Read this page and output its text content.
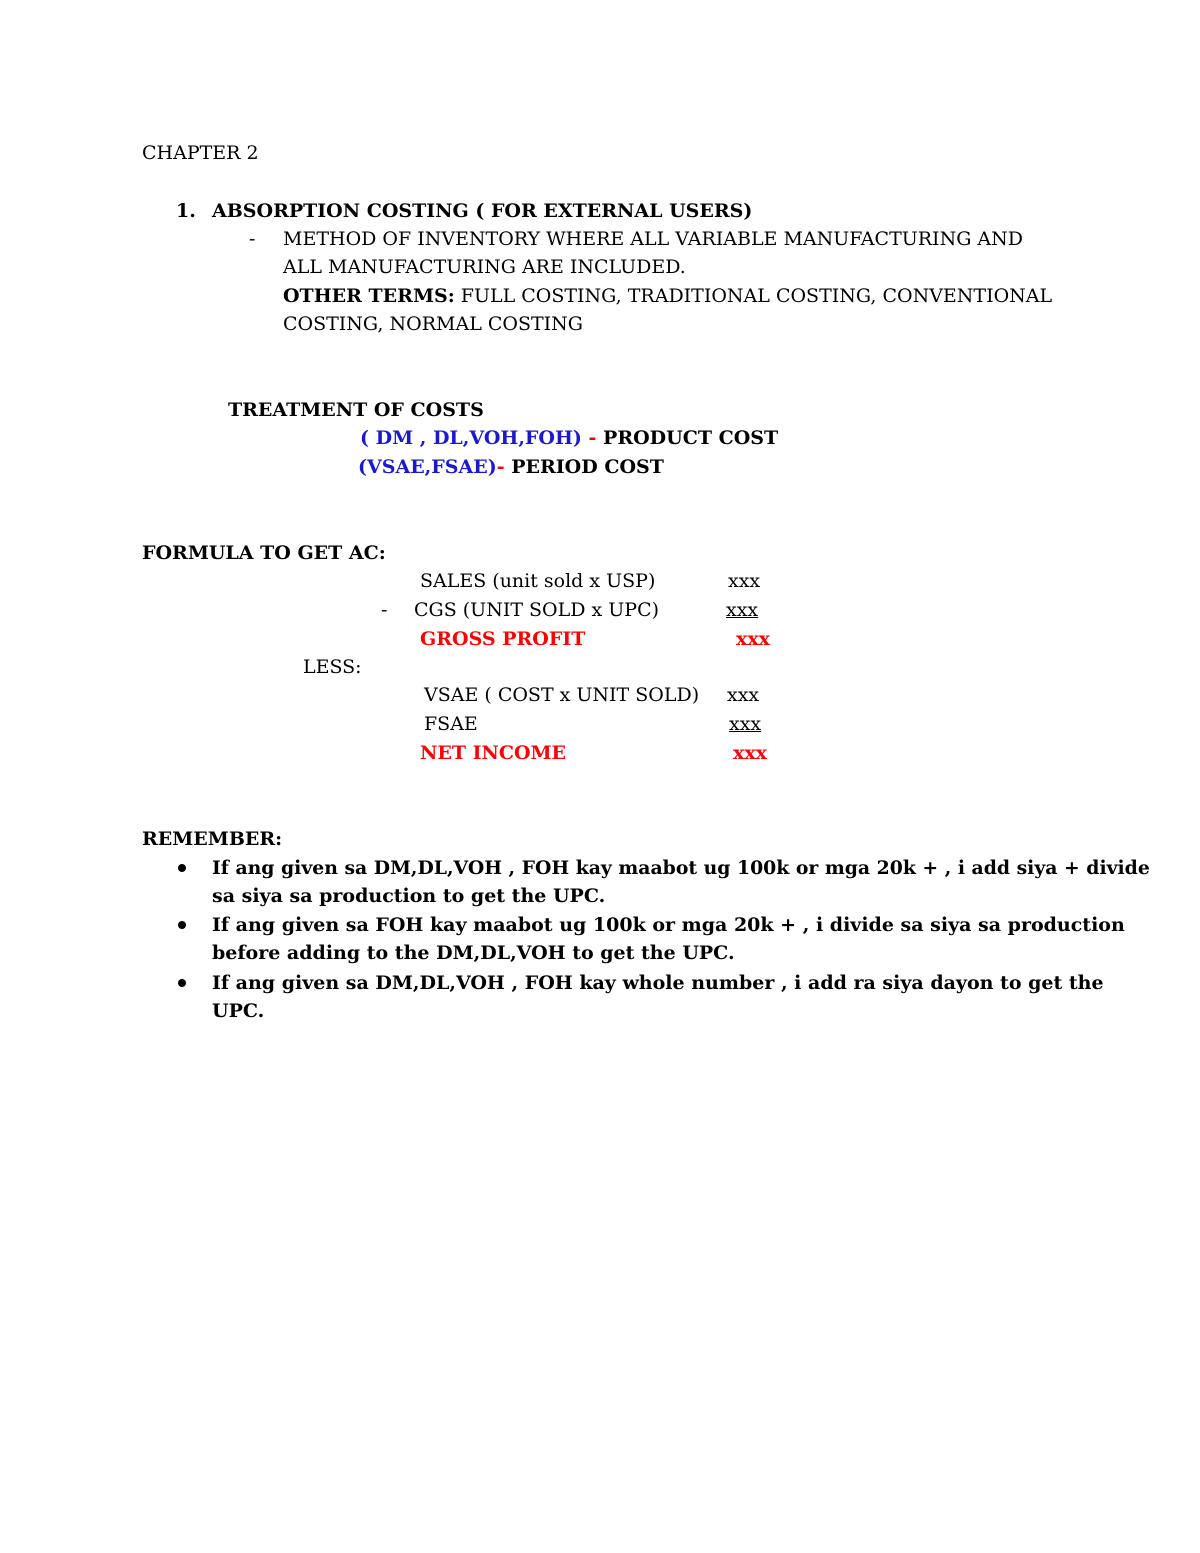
CHAPTER 2
1. ABSORPTION COSTING ( FOR EXTERNAL USERS)
- METHOD OF INVENTORY WHERE ALL VARIABLE MANUFACTURING AND
ALL MANUFACTURING ARE INCLUDED.
OTHER TERMS: FULL COSTING, TRADITIONAL COSTING, CONVENTIONAL
COSTING, NORMAL COSTING
TREATMENT OF COSTS
( DM , DL,VOH,FOH) - PRODUCT COST
(VSAE,FSAE)- PERIOD COST
FORMULA TO GET AC:
SALES (unit sold x USP)	xxx
- CGS (UNIT SOLD x UPC)	xxx
GROSS PROFIT	xxx
LESS:
VSAE ( COST x UNIT SOLD) xxx
FSAE	xxx
NET INCOME	xxx
REMEMBER:
If ang given sa DM,DL,VOH , FOH kay maabot ug 100k or mga 20k + , i add siya + divide
sa siya sa production to get the UPC.
If ang given sa FOH kay maabot ug 100k or mga 20k + , i divide sa siya sa production
before adding to the DM,DL,VOH to get the UPC.
If ang given sa DM,DL,VOH , FOH kay whole number , i add ra siya dayon to get the
UPC.
